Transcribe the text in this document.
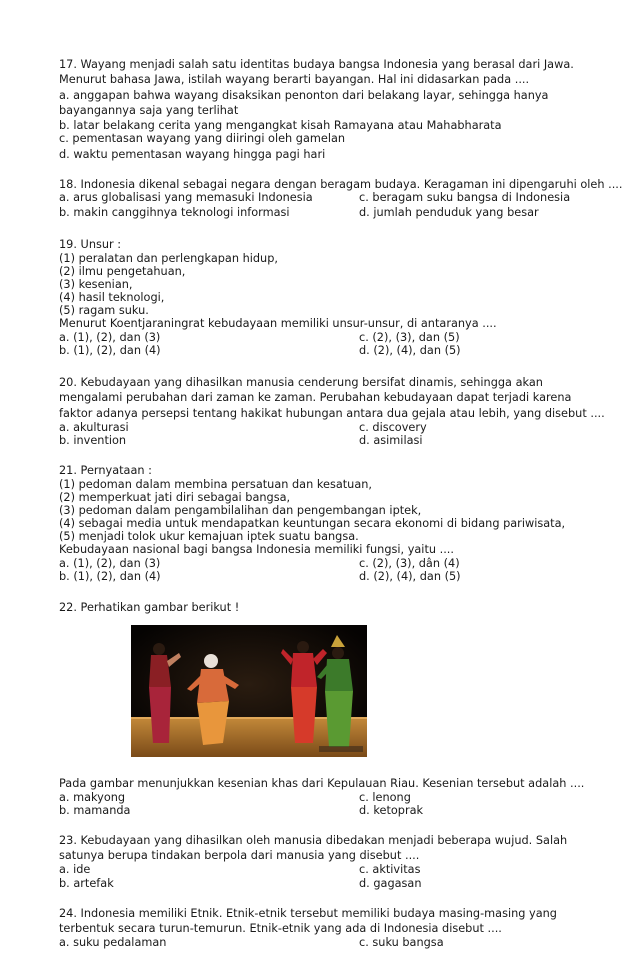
17. Wayang menjadi salah satu identitas budaya bangsa Indonesia yang berasal dari Jawa.
Menurut bahasa Jawa, istilah wayang berarti bayangan. Hal ini didasarkan pada ....
a. anggapan bahwa wayang disaksikan penonton dari belakang layar, sehingga hanya
bayangannya saja yang terlihat
b. latar belakang cerita yang mengangkat kisah Ramayana atau Mahabharata
c. pementasan wayang yang diiringi oleh gamelan
d. waktu pementasan wayang hingga pagi hari
18. Indonesia dikenal sebagai negara dengan beragam budaya. Keragaman ini dipengaruhi oleh ....
a. arus globalisasi yang memasuki Indonesia	c. beragam suku bangsa di Indonesia
b. makin canggihnya teknologi informasi	d. jumlah penduduk yang besar
19. Unsur :
(1) peralatan dan perlengkapan hidup,
(2) ilmu pengetahuan,
(3) kesenian,
(4) hasil teknologi,
(5) ragam suku.
Menurut Koentjaraningrat kebudayaan memiliki unsur-unsur, di antaranya ....
a. (1), (2), dan (3)	c. (2), (3), dan (5)
b. (1), (2), dan (4)	d. (2), (4), dan (5)
20. Kebudayaan yang dihasilkan manusia cenderung bersifat dinamis, sehingga akan
mengalami perubahan dari zaman ke zaman. Perubahan kebudayaan dapat terjadi karena
faktor adanya persepsi tentang hakikat hubungan antara dua gejala atau lebih, yang disebut ....
a. akulturasi	c. discovery
b. invention	d. asimilasi
21. Pernyataan :
(1) pedoman dalam membina persatuan dan kesatuan,
(2) memperkuat jati diri sebagai bangsa,
(3) pedoman dalam pengambilalihan dan pengembangan iptek,
(4) sebagai media untuk mendapatkan keuntungan secara ekonomi di bidang pariwisata,
(5) menjadi tolok ukur kemajuan iptek suatu bangsa.
Kebudayaan nasional bagi bangsa Indonesia memiliki fungsi, yaitu ....
a. (1), (2), dan (3)	c. (2), (3), dân (4)
b. (1), (2), dan (4)	d. (2), (4), dan (5)
22. Perhatikan gambar berikut !
Pada gambar menunjukkan kesenian khas dari Kepulauan Riau. Kesenian tersebut adalah ....
a. makyong	c. lenong
b. mamanda	d. ketoprak
23. Kebudayaan yang dihasilkan oleh manusia dibedakan menjadi beberapa wujud. Salah
satunya berupa tindakan berpola dari manusia yang disebut ....
a. ide	c. aktivitas
b. artefak	d. gagasan
24. Indonesia memiliki Etnik. Etnik-etnik tersebut memiliki budaya masing-masing yang
terbentuk secara turun-temurun. Etnik-etnik yang ada di Indonesia disebut ....
a. suku pedalaman	c. suku bangsa
